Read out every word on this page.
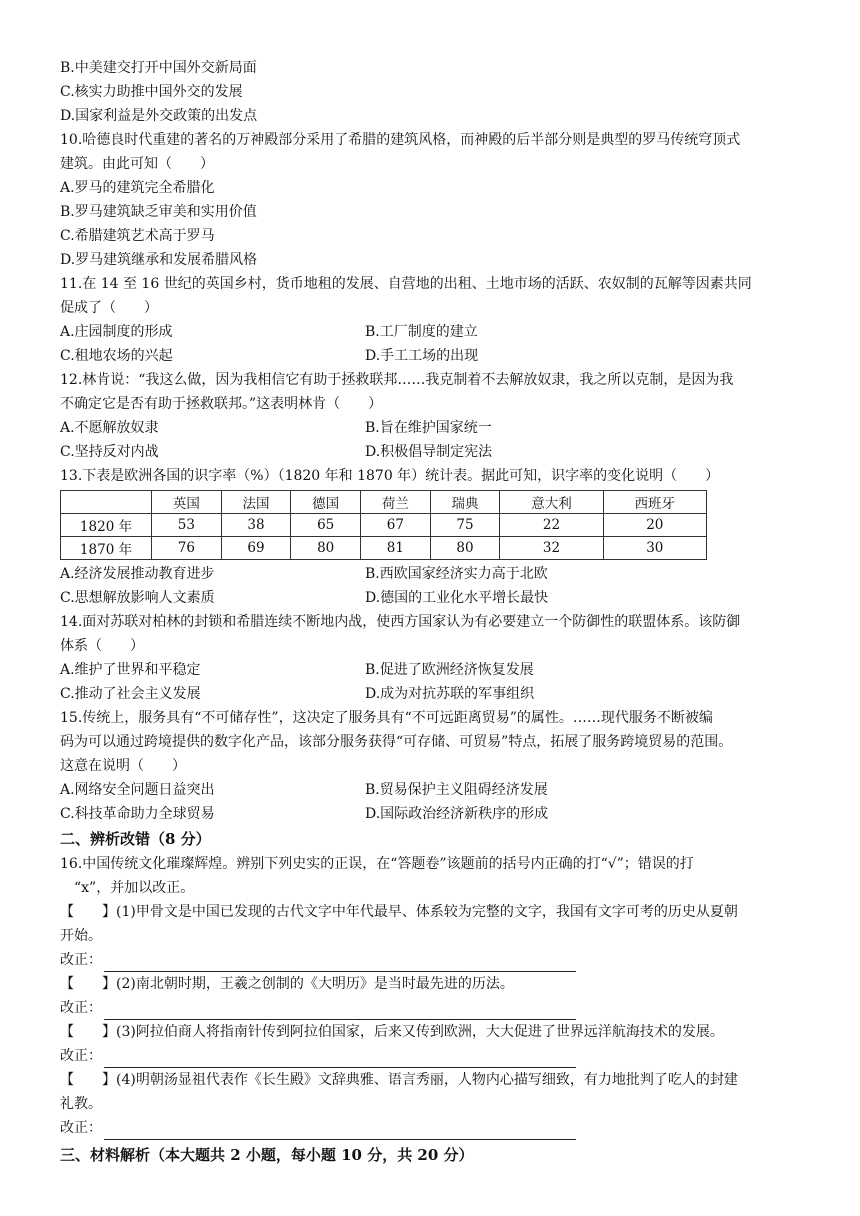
B.中美建交打开中国外交新局面
C.核实力助推中国外交的发展
D.国家利益是外交政策的出发点
10.哈德良时代重建的著名的万神殿部分采用了希腊的建筑风格，而神殿的后半部分则是典型的罗马传统穹顶式
建筑。由此可知（　　）
A.罗马的建筑完全希腊化
B.罗马建筑缺乏审美和实用价值
C.希腊建筑艺术高于罗马
D.罗马建筑继承和发展希腊风格
11.在 14 至 16 世纪的英国乡村，货币地租的发展、自营地的出租、土地市场的活跃、农奴制的瓦解等因素共同
促成了（　　）
A.庄园制度的形成	B.工厂制度的建立
C.租地农场的兴起	D.手工工场的出现
12.林肯说：“我这么做，因为我相信它有助于拯救联邦……我克制着不去解放奴隶，我之所以克制，是因为我
不确定它是否有助于拯救联邦。”这表明林肯（　　）
A.不愿解放奴隶	B.旨在维护国家统一
C.坚持反对内战	D.积极倡导制定宪法
13.下表是欧洲各国的识字率（%）（1820 年和 1870 年）统计表。据此可知，识字率的变化说明（　　）
	英国	法国	德国	荷兰	瑞典	意大利	西班牙
1820 年	53	38	65	67	75	22	20
1870 年	76	69	80	81	80	32	30
A.经济发展推动教育进步	B.西欧国家经济实力高于北欧
C.思想解放影响人文素质	D.德国的工业化水平增长最快
14.面对苏联对柏林的封锁和希腊连续不断地内战，使西方国家认为有必要建立一个防御性的联盟体系。该防御
体系（　　）
A.维护了世界和平稳定	B.促进了欧洲经济恢复发展
C.推动了社会主义发展	D.成为对抗苏联的军事组织
15.传统上，服务具有“不可储存性”，这决定了服务具有“不可远距离贸易”的属性。……现代服务不断被编
码为可以通过跨境提供的数字化产品，该部分服务获得“可存储、可贸易”特点，拓展了服务跨境贸易的范围。
这意在说明（　　）
A.网络安全问题日益突出	B.贸易保护主义阻碍经济发展
C.科技革命助力全球贸易	D.国际政治经济新秩序的形成
二、辨析改错（8 分）
16.中国传统文化璀璨辉煌。辨别下列史实的正误，在“答题卷”该题前的括号内正确的打“√”；错误的打
“x”，并加以改正。
【　　】(1)甲骨文是中国已发现的古代文字中年代最早、体系较为完整的文字，我国有文字可考的历史从夏朝
开始。
改正：
【　　】(2)南北朝时期，王羲之创制的《大明历》是当时最先进的历法。
改正：
【　　】(3)阿拉伯商人将指南针传到阿拉伯国家，后来又传到欧洲，大大促进了世界远洋航海技术的发展。
改正：
【　　】(4)明朝汤显祖代表作《长生殿》文辞典雅、语言秀丽，人物内心描写细致，有力地批判了吃人的封建
礼教。
改正：
三、材料解析（本大题共 2 小题，每小题 10 分，共 20 分）
